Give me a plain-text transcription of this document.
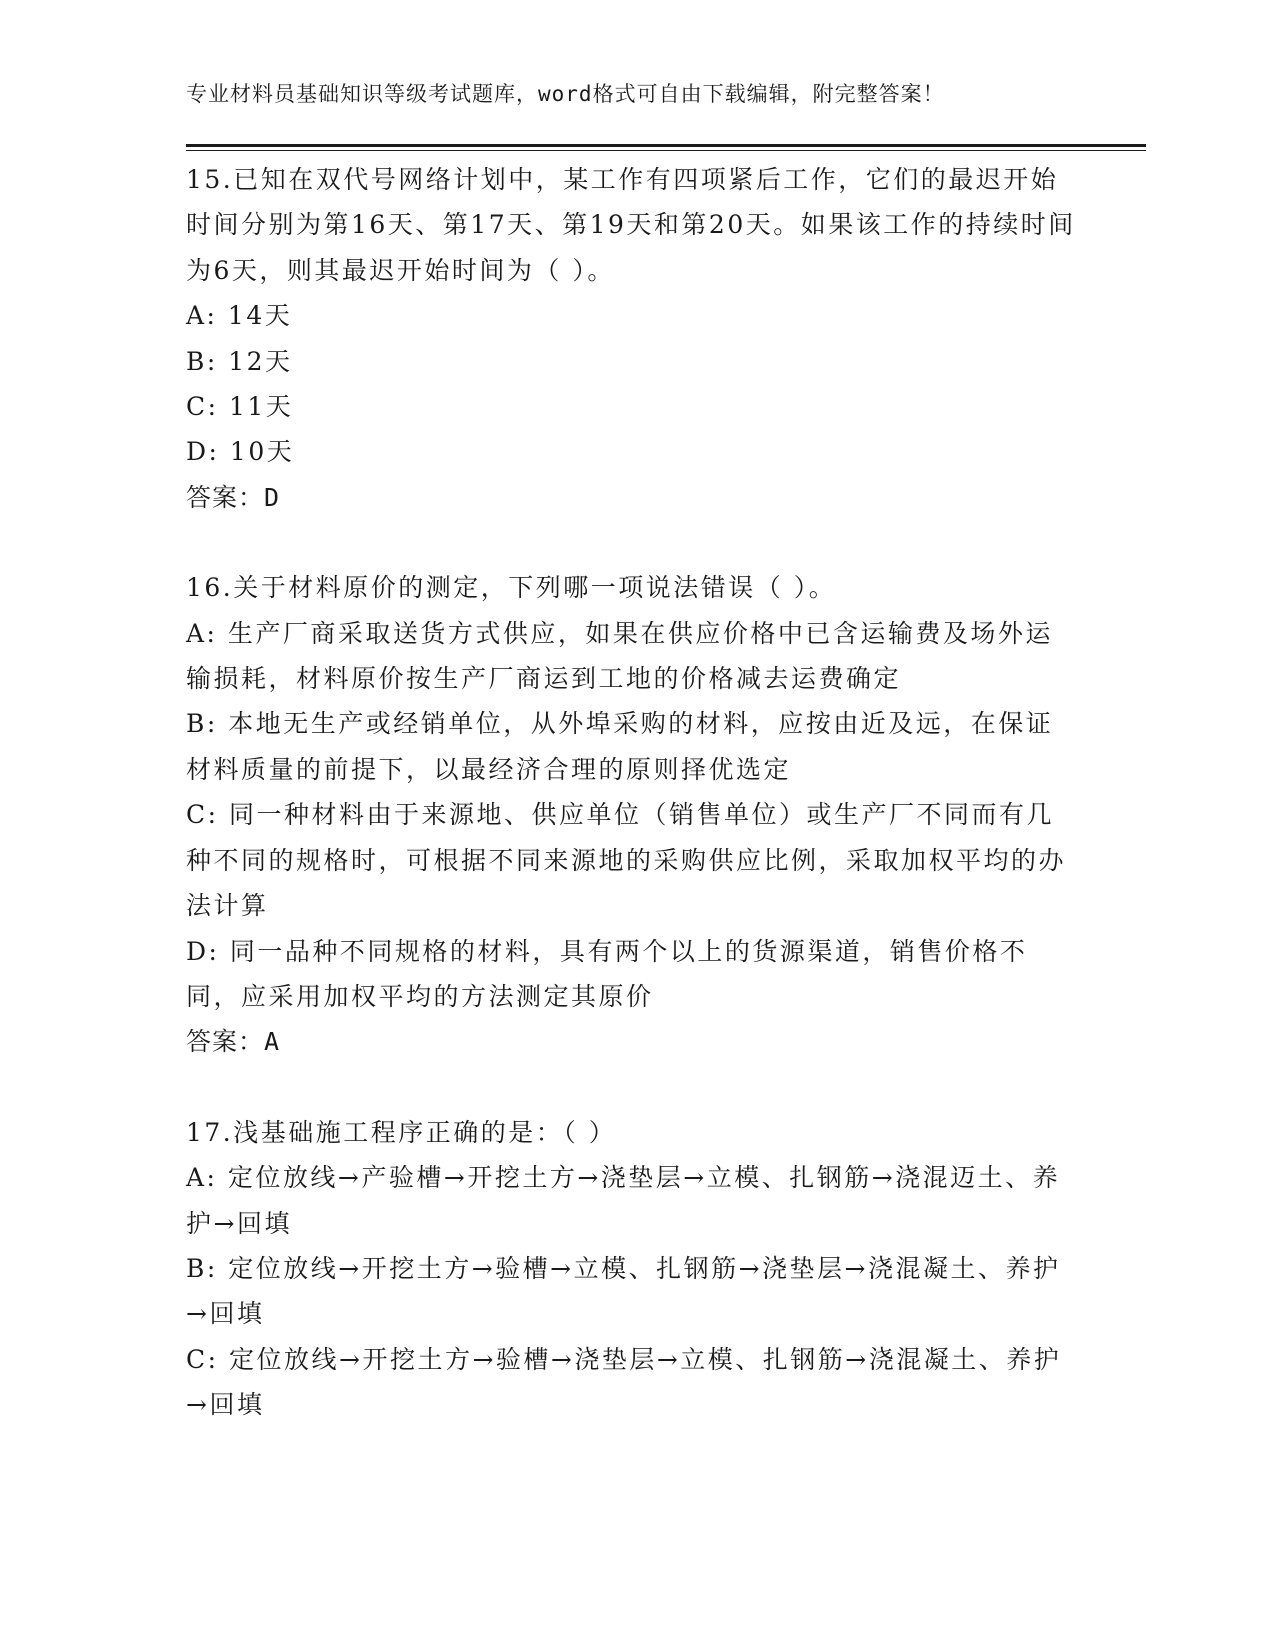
专业材料员基础知识等级考试题库，word格式可自由下载编辑，附完整答案！

15.已知在双代号网络计划中，某工作有四项紧后工作，它们的最迟开始时间分别为第16天、第17天、第19天和第20天。如果该工作的持续时间为6天，则其最迟开始时间为（ ）。

A: 14天

B: 12天

C: 11天

D: 10天

答案：D

16.关于材料原价的测定，下列哪一项说法错误（ ）。

A: 生产厂商采取送货方式供应，如果在供应价格中已含运输费及场外运输损耗，材料原价按生产厂商运到工地的价格减去运费确定

B: 本地无生产或经销单位，从外埠采购的材料，应按由近及远，在保证材料质量的前提下，以最经济合理的原则择优选定

C: 同一种材料由于来源地、供应单位（销售单位）或生产厂不同而有几种不同的规格时，可根据不同来源地的采购供应比例，采取加权平均的办法计算

D: 同一品种不同规格的材料，具有两个以上的货源渠道，销售价格不同，应采用加权平均的方法测定其原价

答案：A

17.浅基础施工程序正确的是：（ ）

A: 定位放线→产验槽→开挖土方→浇垫层→立模、扎钢筋→浇混迈土、养护→回填

B: 定位放线→开挖土方→验槽→立模、扎钢筋→浇垫层→浇混凝土、养护→回填

C: 定位放线→开挖土方→验槽→浇垫层→立模、扎钢筋→浇混凝土、养护→回填
